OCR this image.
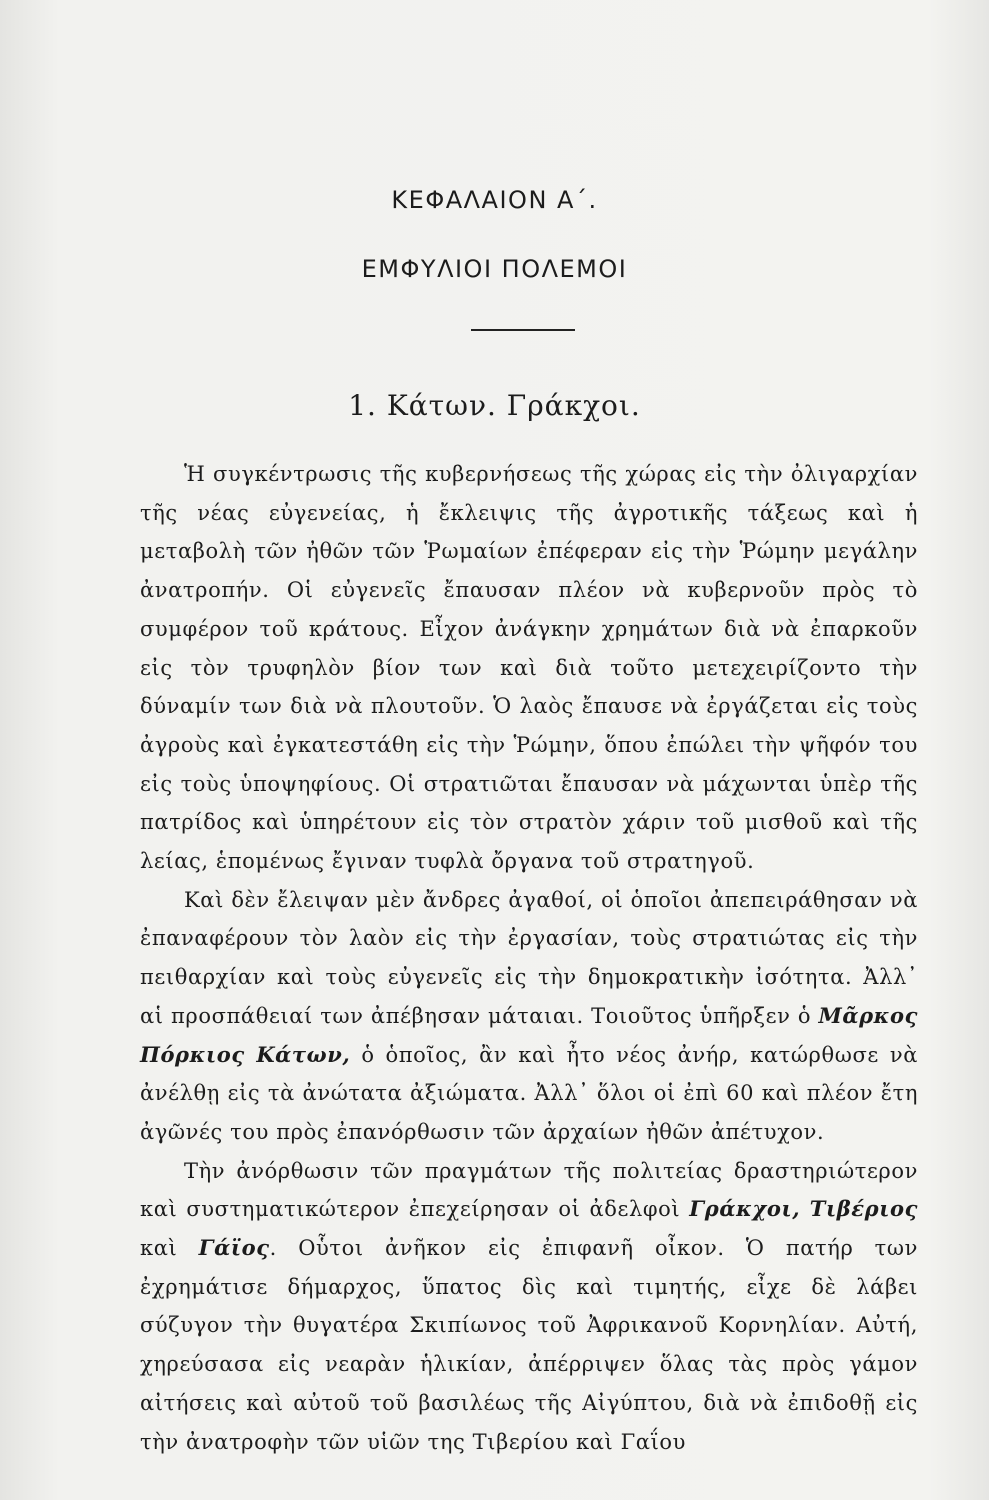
ΚΕΦΑΛΑΙΟΝ Α΄.
ΕΜΦΥΛΙΟΙ ΠΟΛΕΜΟΙ
1. Κάτων. Γράκχοι.

Ἡ συγκέντρωσις τῆς κυβερνήσεως τῆς χώρας εἰς τὴν ὀλιγαρχίαν τῆς νέας εὐγενείας, ἡ ἔκλειψις τῆς ἀγροτικῆς τάξεως καὶ ἡ μεταβολὴ τῶν ἠθῶν τῶν Ῥωμαίων ἐπέφεραν εἰς τὴν Ῥώμην μεγάλην ἀνατροπήν. Οἱ εὐγενεῖς ἔπαυσαν πλέον νὰ κυβερνοῦν πρὸς τὸ συμφέρον τοῦ κράτους. Εἶχον ἀνάγκην χρημάτων διὰ νὰ ἐπαρκοῦν εἰς τὸν τρυφηλὸν βίον των καὶ διὰ τοῦτο μετεχειρίζοντο τὴν δύναμίν των διὰ νὰ πλουτοῦν. Ὁ λαὸς ἔπαυσε νὰ ἐργάζεται εἰς τοὺς ἀγροὺς καὶ ἐγκατεστάθη εἰς τὴν Ῥώμην, ὅπου ἐπώλει τὴν ψῆφόν του εἰς τοὺς ὑποψηφίους. Οἱ στρατιῶται ἔπαυσαν νὰ μάχωνται ὑπὲρ τῆς πατρίδος καὶ ὑπηρέτουν εἰς τὸν στρατὸν χάριν τοῦ μισθοῦ καὶ τῆς λείας, ἑπομένως ἔγιναν τυφλὰ ὄργανα τοῦ στρατηγοῦ.

Καὶ δὲν ἔλειψαν μὲν ἄνδρες ἀγαθοί, οἱ ὁποῖοι ἀπεπειράθησαν νὰ ἐπαναφέρουν τὸν λαὸν εἰς τὴν ἐργασίαν, τοὺς στρατιώτας εἰς τὴν πειθαρχίαν καὶ τοὺς εὐγενεῖς εἰς τὴν δημοκρατικὴν ἰσότητα. Ἀλλ᾿ αἱ προσπάθειαί των ἀπέβησαν μάταιαι. Τοιοῦτος ὑπῆρξεν ὁ Μᾶρκος Πόρκιος Κάτων, ὁ ὁποῖος, ἂν καὶ ἦτο νέος ἀνήρ, κατώρθωσε νὰ ἀνέλθῃ εἰς τὰ ἀνώτατα ἀξιώματα. Ἀλλ᾿ ὅλοι οἱ ἐπὶ 60 καὶ πλέον ἔτη ἀγῶνές του πρὸς ἐπανόρθωσιν τῶν ἀρχαίων ἠθῶν ἀπέτυχον.

Τὴν ἀνόρθωσιν τῶν πραγμάτων τῆς πολιτείας δραστηριώτερον καὶ συστηματικώτερον ἐπεχείρησαν οἱ ἀδελφοὶ Γράκχοι, Τιβέριος καὶ Γάϊος. Οὗτοι ἀνῆκον εἰς ἐπιφανῆ οἶκον. Ὁ πατήρ των ἐχρημάτισε δήμαρχος, ὕπατος δὶς καὶ τιμητής, εἶχε δὲ λάβει σύζυγον τὴν θυγατέρα Σκιπίωνος τοῦ Ἀφρικανοῦ Κορνηλίαν. Αὐτή, χηρεύσασα εἰς νεαρὰν ἡλικίαν, ἀπέρριψεν ὅλας τὰς πρὸς γάμον αἰτήσεις καὶ αὐτοῦ τοῦ βασιλέως τῆς Αἰγύπτου, διὰ νὰ ἐπιδοθῇ εἰς τὴν ἀνατροφὴν τῶν υἱῶν της Τιβερίου καὶ Γαΐου
